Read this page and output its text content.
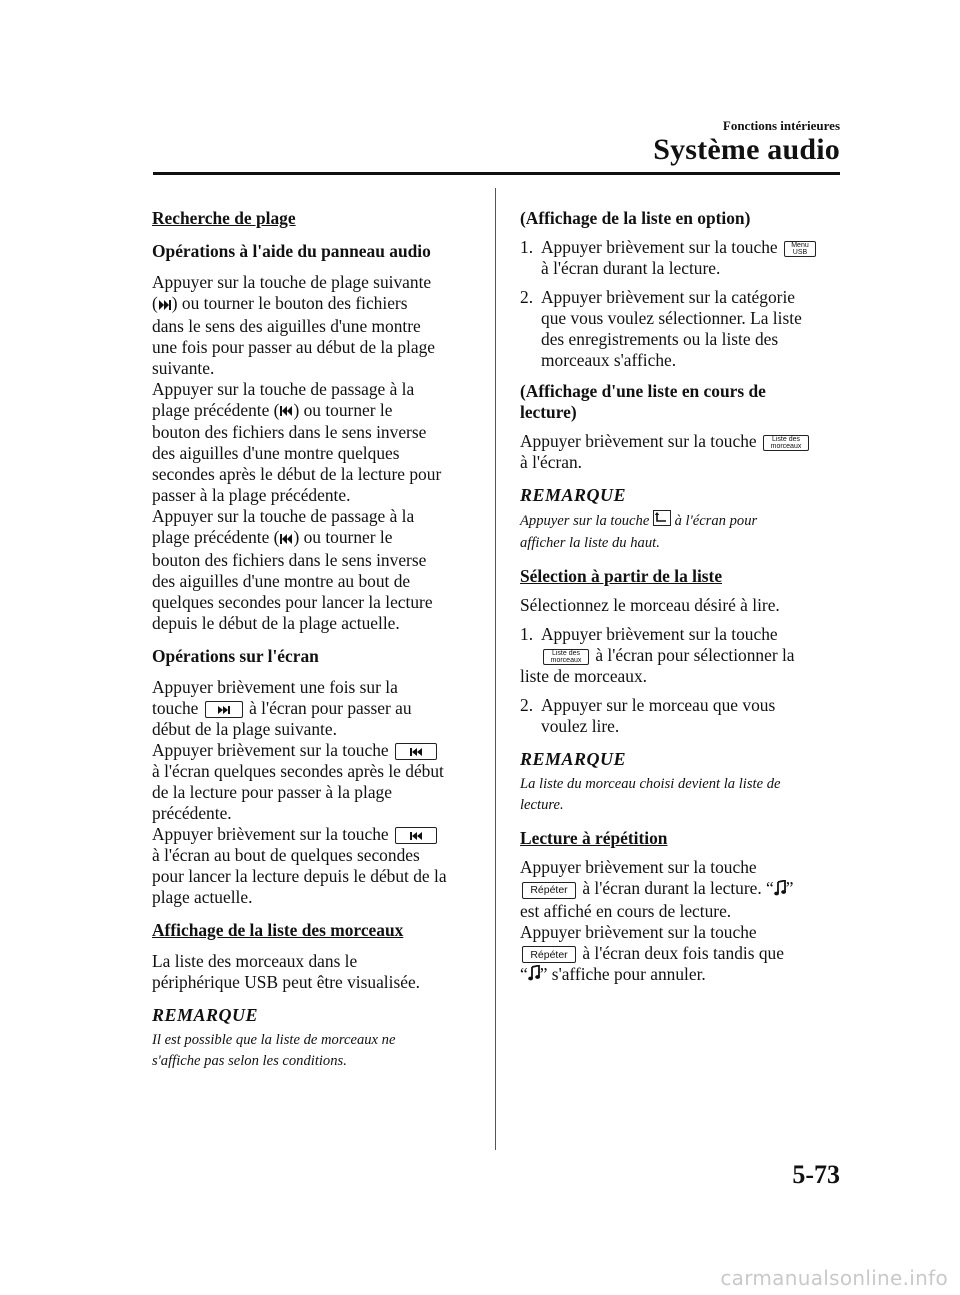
Fonctions intérieures
Système audio

Recherche de plage

Opérations à l'aide du panneau audio

Appuyer sur la touche de plage suivante

( ) ou tourner le bouton des fichiers

dans le sens des aiguilles d'une montre

une fois pour passer au début de la plage

suivante.

Appuyer sur la touche de passage à la

plage précédente ( ) ou tourner le

bouton des fichiers dans le sens inverse

des aiguilles d'une montre quelques

secondes après le début de la lecture pour

passer à la plage précédente.

Appuyer sur la touche de passage à la

plage précédente ( ) ou tourner le

bouton des fichiers dans le sens inverse

des aiguilles d'une montre au bout de

quelques secondes pour lancer la lecture

depuis le début de la plage actuelle.

Opérations sur l'écran

Appuyer brièvement une fois sur la

touche	à l'écran pour passer au

début de la plage suivante.

Appuyer brièvement sur la touche

à l'écran quelques secondes après le début

de la lecture pour passer à la plage

précédente.

Appuyer brièvement sur la touche

à l'écran au bout de quelques secondes

pour lancer la lecture depuis le début de la

plage actuelle.

Affichage de la liste des morceaux

La liste des morceaux dans le

périphérique USB peut être visualisée.

REMARQUE

Il est possible que la liste de morceaux ne

s'affiche pas selon les conditions.

(Affichage de la liste en option)

1. Appuyer brièvement sur la touche Menu
USB

à l'écran durant la lecture.
2. Appuyer brièvement sur la catégorie
que vous voulez sélectionner. La liste
des enregistrements ou la liste des
morceaux s'affiche.

(Affichage d'une liste en cours de

lecture)

Appuyer brièvement sur la touche Liste des
morceaux

à l'écran.

REMARQUE

Appuyer sur la touche à l'écran pour

afficher la liste du haut.

Sélection à partir de la liste

Sélectionnez le morceau désiré à lire.

1. Appuyer brièvement sur la touche

Liste des
morceaux à l'écran pour sélectionner la

liste de morceaux.

2. Appuyer sur le morceau que vous
voulez lire.

REMARQUE

La liste du morceau choisi devient la liste de

lecture.

Lecture à répétition

Appuyer brièvement sur la touche

Répéter à l'écran durant la lecture. “ ”

est affiché en cours de lecture.

Appuyer brièvement sur la touche

Répéter à l'écran deux fois tandis que

“ ” s'affiche pour annuler.

5-73
carmanualsonline.info
